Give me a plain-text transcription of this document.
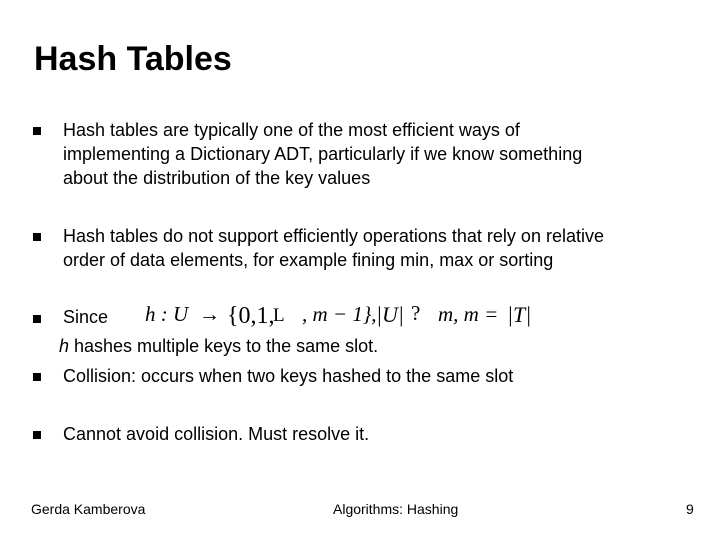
Hash Tables
Hash tables are typically one of the most efficient ways of
implementing a Dictionary ADT, particularly if we know something
about the distribution of the key values
Hash tables do not support efficiently operations that rely on relative
order of data elements, for example fining min, max or sorting
Since h : U → {0,1,
L , m − 1}, |U| ? m, m = |T|
h hashes multiple keys to the same slot.
Collision: occurs when two keys hashed to the same slot
Cannot avoid collision. Must resolve it.
Gerda Kamberova	Algorithms: Hashing	9
